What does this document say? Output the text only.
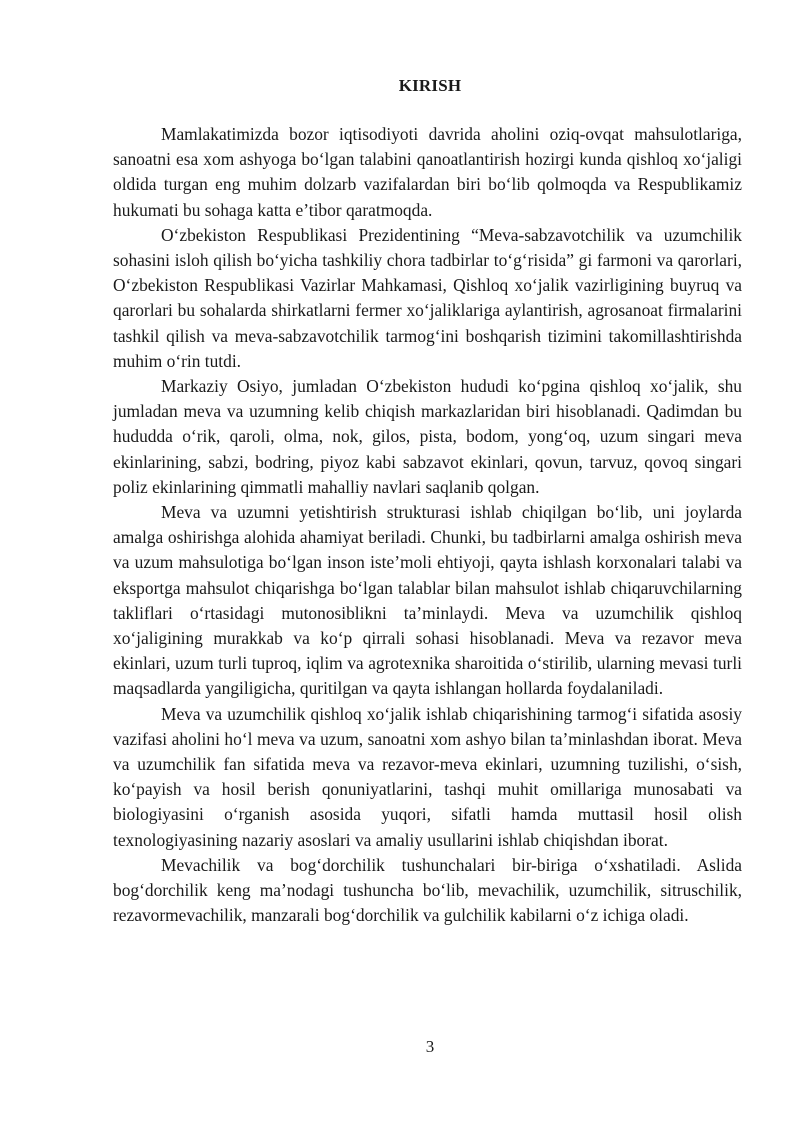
KIRISH

Mamlakatimizda bozor iqtisodiyoti davrida aholini oziq-ovqat mahsulotlariga, sanoatni esa xom ashyoga bo‘lgan talabini qanoatlantirish hozirgi kunda qishloq xo‘jaligi oldida turgan eng muhim dolzarb vazifalardan biri bo‘lib qolmoqda va Respublikamiz hukumati bu sohaga katta e’tibor qaratmoqda.

O‘zbekiston Respublikasi Prezidentining “Meva-sabzavotchilik va uzumchilik sohasini isloh qilish bo‘yicha tashkiliy chora tadbirlar to‘g‘risida” gi farmoni va qarorlari, O‘zbekiston Respublikasi Vazirlar Mahkamasi, Qishloq xo‘jalik vazirligining buyruq va qarorlari bu sohalarda shirkatlarni fermer xo‘jaliklariga aylantirish, agrosanoat firmalarini tashkil qilish va meva-sabzavotchilik tarmog‘ini boshqarish tizimini takomillashtirishda muhim o‘rin tutdi.

Markaziy Osiyo, jumladan O‘zbekiston hududi ko‘pgina qishloq xo‘jalik, shu jumladan meva va uzumning kelib chiqish markazlaridan biri hisoblanadi. Qadimdan bu hududda o‘rik, qaroli, olma, nok, gilos, pista, bodom, yong‘oq, uzum singari meva ekinlarining, sabzi, bodring, piyoz kabi sabzavot ekinlari, qovun, tarvuz, qovoq singari poliz ekinlarining qimmatli mahalliy navlari saqlanib qolgan.

Meva va uzumni yetishtirish strukturasi ishlab chiqilgan bo‘lib, uni joylarda amalga oshirishga alohida ahamiyat beriladi. Chunki, bu tadbirlarni amalga oshirish meva va uzum mahsulotiga bo‘lgan inson iste’moli ehtiyoji, qayta ishlash korxonalari talabi va eksportga mahsulot chiqarishga bo‘lgan talablar bilan mahsulot ishlab chiqaruvchilarning takliflari o‘rtasidagi mutonosiblikni ta’minlaydi. Meva va uzumchilik qishloq xo‘jaligining murakkab va ko‘p qirrali sohasi hisoblanadi. Meva va rezavor meva ekinlari, uzum turli tuproq, iqlim va agrotexnika sharoitida o‘stirilib, ularning mevasi turli maqsadlarda yangiligicha, quritilgan va qayta ishlangan hollarda foydalaniladi.

Meva va uzumchilik qishloq xo‘jalik ishlab chiqarishining tarmog‘i sifatida asosiy vazifasi aholini ho‘l meva va uzum, sanoatni xom ashyo bilan ta’minlashdan iborat. Meva va uzumchilik fan sifatida meva va rezavor-meva ekinlari, uzumning tuzilishi, o‘sish, ko‘payish va hosil berish qonuniyatlarini, tashqi muhit omillariga munosabati va biologiyasini o‘rganish asosida yuqori, sifatli hamda muttasil hosil olish texnologiyasining nazariy asoslari va amaliy usullarini ishlab chiqishdan iborat.

Mevachilik va bog‘dorchilik tushunchalari bir-biriga o‘xshatiladi. Aslida bog‘dorchilik keng ma’nodagi tushuncha bo‘lib, mevachilik, uzumchilik, sitruschilik, rezavormevachilik, manzarali bog‘dorchilik va gulchilik kabilarni o‘z ichiga oladi.

3
